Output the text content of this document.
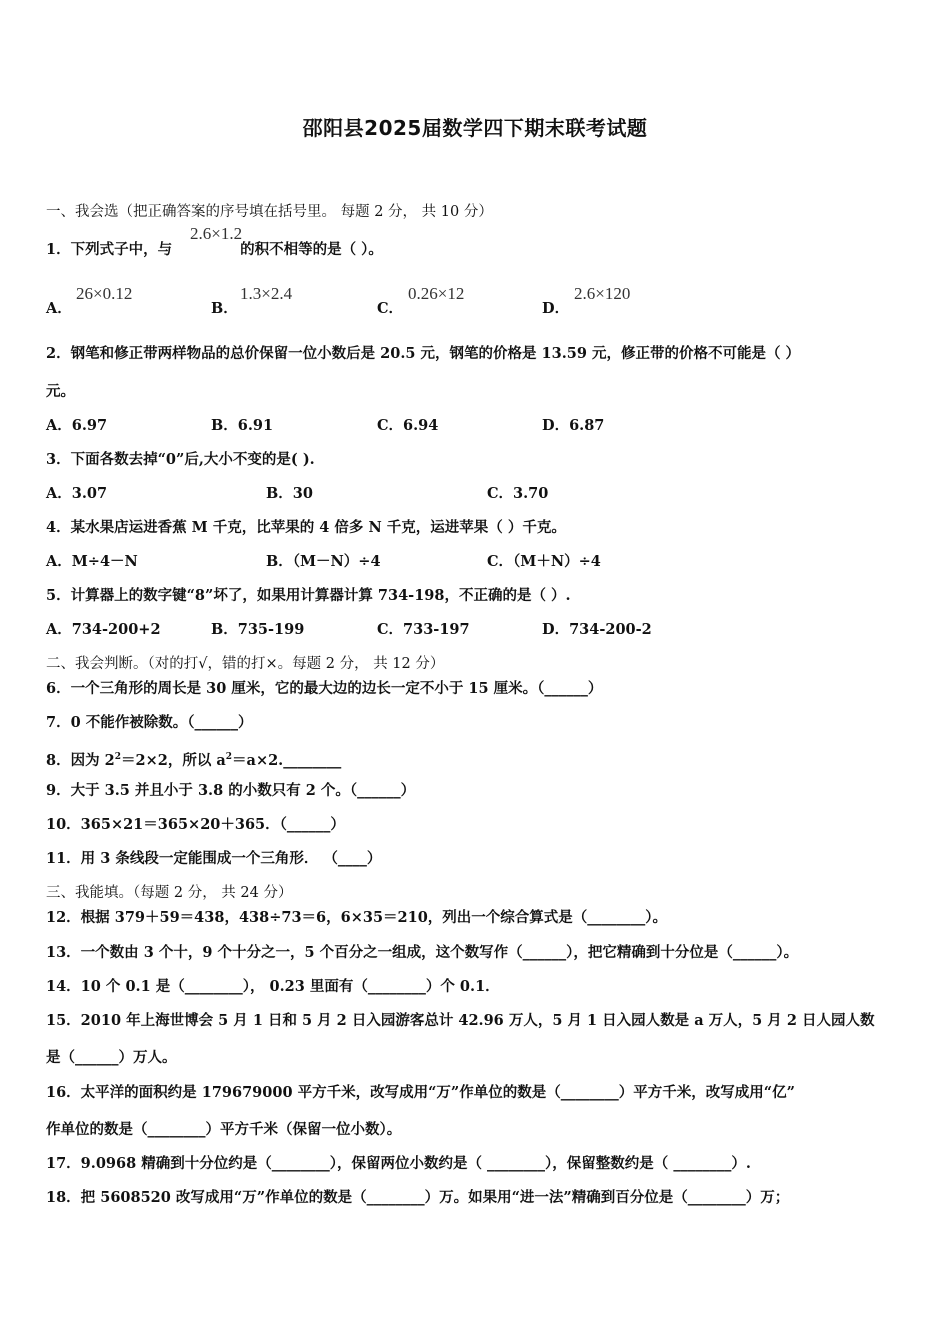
邵阳县2025届数学四下期末联考试题
一、我会选（把正确答案的序号填在括号里。 每题 2 分， 共 10 分）
1．下列式子中，与	的积不相等的是（ ）。
2.6×1.2
A．
26×0.12
B．
1.3×2.4
C．
0.26×12
D．
2.6×120
2．钢笔和修正带两样物品的总价保留一位小数后是 20.5 元，钢笔的价格是 13.59 元，修正带的价格不可能是（ ）
元。
A．6.97	B．6.91	C．6.94	D．6.87
3．下面各数去掉“0”后,大小不变的是( ).
A．3.07	B．30	C．3.70
4．某水果店运进香蕉 M 千克，比苹果的 4 倍多 N 千克，运进苹果（ ）千克。
A．M÷4－N	B．（M－N）÷4	C．（M＋N）÷4
5．计算器上的数字键“8”坏了，如果用计算器计算 734-198，不正确的是（ ）.
A．734-200+2	B．735-199	C．733-197	D．734-200-2
二、我会判断。（对的打√，错的打×。每题 2 分， 共 12 分）
6．一个三角形的周长是 30 厘米，它的最大边的边长一定不小于 15 厘米。（______）
7．0 不能作被除数。（______）
8．因为 $2^2=2\times 2$，所以 $a^2=a\times 2.\_\_\_\_\_\_\_\_$
9．大于 3.5 并且小于 3.8 的小数只有 2 个。（______）
10．365×21＝365×20＋365．（______）
11．用 3 条线段一定能围成一个三角形． （____）
三、我能填。（每题 2 分， 共 24 分）
12．根据 379＋59＝438，438÷73＝6，6×35＝210，列出一个综合算式是（________）。
13．一个数由 3 个十，9 个十分之一，5 个百分之一组成，这个数写作（______），把它精确到十分位是（______）。
14．10 个 0.1 是（________）， 0.23 里面有（________）个 0.1．
15．2010 年上海世博会 5 月 1 日和 5 月 2 日入园游客总计 42.96 万人，5 月 1 日入园人数是 a 万人，5 月 2 日人园人数
是（______）万人。
16．太平洋的面积约是 179679000 平方千米，改写成用“万”作单位的数是（________）平方千米，改写成用“亿”
作单位的数是（________）平方千米（保留一位小数）。
17．9.0968 精确到十分位约是（________），保留两位小数约是（ ________），保留整数约是（ ________）.
18．把 5608520 改写成用“万”作单位的数是（________）万。如果用“进一法”精确到百分位是（________）万；
